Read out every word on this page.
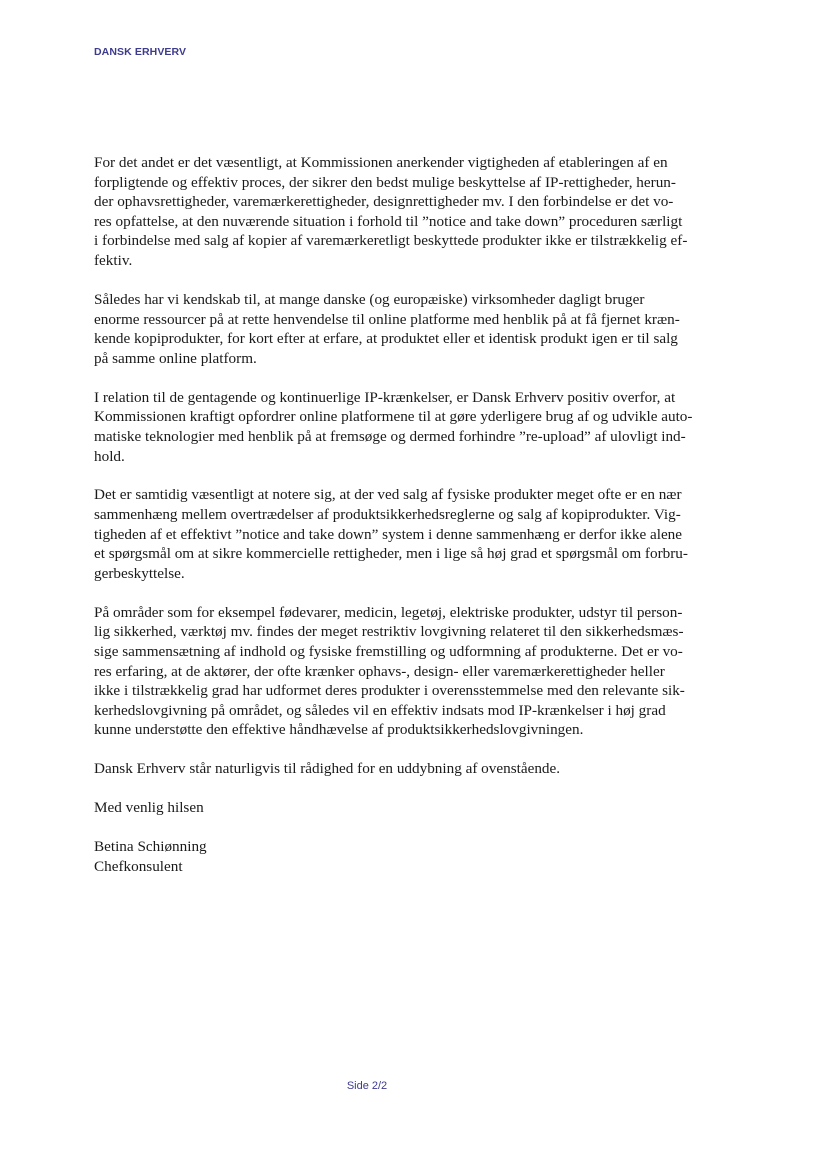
DANSK ERHVERV
For det andet er det væsentligt, at Kommissionen anerkender vigtigheden af etableringen af en
forpligtende og effektiv proces, der sikrer den bedst mulige beskyttelse af IP-rettigheder, herun-
der ophavsrettigheder, varemærkerettigheder, designrettigheder mv. I den forbindelse er det vo-
res opfattelse, at den nuværende situation i forhold til ”notice and take down” proceduren særligt
i forbindelse med salg af kopier af varemærkeretligt beskyttede produkter ikke er tilstrækkelig ef-
fektiv.
Således har vi kendskab til, at mange danske (og europæiske) virksomheder dagligt bruger
enorme ressourcer på at rette henvendelse til online platforme med henblik på at få fjernet kræn-
kende kopiprodukter, for kort efter at erfare, at produktet eller et identisk produkt igen er til salg
på samme online platform.
I relation til de gentagende og kontinuerlige IP-krænkelser, er Dansk Erhverv positiv overfor, at
Kommissionen kraftigt opfordrer online platformene til at gøre yderligere brug af og udvikle auto-
matiske teknologier med henblik på at fremsøge og dermed forhindre ”re-upload” af ulovligt ind-
hold.
Det er samtidig væsentligt at notere sig, at der ved salg af fysiske produkter meget ofte er en nær
sammenhæng mellem overtrædelser af produktsikkerhedsreglerne og salg af kopiprodukter. Vig-
tigheden af et effektivt ”notice and take down” system i denne sammenhæng er derfor ikke alene
et spørgsmål om at sikre kommercielle rettigheder, men i lige så høj grad et spørgsmål om forbru-
gerbeskyttelse.
På områder som for eksempel fødevarer, medicin, legetøj, elektriske produkter, udstyr til person-
lig sikkerhed, værktøj mv. findes der meget restriktiv lovgivning relateret til den sikkerhedsmæs-
sige sammensætning af indhold og fysiske fremstilling og udformning af produkterne. Det er vo-
res erfaring, at de aktører, der ofte krænker ophavs-, design- eller varemærkerettigheder heller
ikke i tilstrækkelig grad har udformet deres produkter i overensstemmelse med den relevante sik-
kerhedslovgivning på området, og således vil en effektiv indsats mod IP-krænkelser i høj grad
kunne understøtte den effektive håndhævelse af produktsikkerhedslovgivningen.
Dansk Erhverv står naturligvis til rådighed for en uddybning af ovenstående.
Med venlig hilsen
Betina Schiønning
Chefkonsulent
Side 2/2
